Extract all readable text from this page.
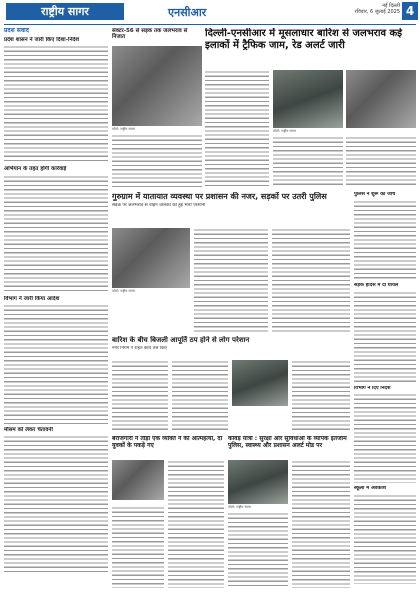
राष्ट्रीय सागर	एनसीआर	नई दिल्ली
रविवार, 6 जुलाई 2025 4
प्रदेश संवाद
प्रदेश शासन ने जारी किए दिशा-निर्देश
अभियान के तहत होगी कार्रवाई
विभाग ने जारी किया आदेश
मौसम को लेकर चेतावनी
सेक्टर-56 से सड़क तक जलभराव से निजात
फोटो: राष्ट्रीय सागर
दिल्ली-एनसीआर में मूसलाधार बारिश से जलभराव कई इलाकों में ट्रैफिक जाम, रेड अलर्ट जारी
फोटो: राष्ट्रीय सागर
गुरुग्राम में यातायात व्यवस्था पर प्रशासन की नजर, सड़कों पर उतरी पुलिस
सड़क पर जलभराव से वाहन चालकों को हुई भारी परेशानी
फोटो: राष्ट्रीय सागर
पुलिस ने शुरू की जांच
सड़क हादसे में दो घायल
विभाग ने दिए निर्देश
स्कूलों में अवकाश
बारिश के बीच बिजली आपूर्ति ठप होने से लोग परेशान
नगर निगम ने राहत कार्य तेज किए
बेरोजगारी ने तोड़ा एक व्यक्ति ने की आत्महत्या, दो युवकों के पकड़े गए
कांवड़ यात्रा : सुरक्षा और सुविधाओं के व्यापक इंतजाम पुलिस, स्वास्थ्य और प्रशासन अलर्ट मोड पर
फोटो: राष्ट्रीय सागर
